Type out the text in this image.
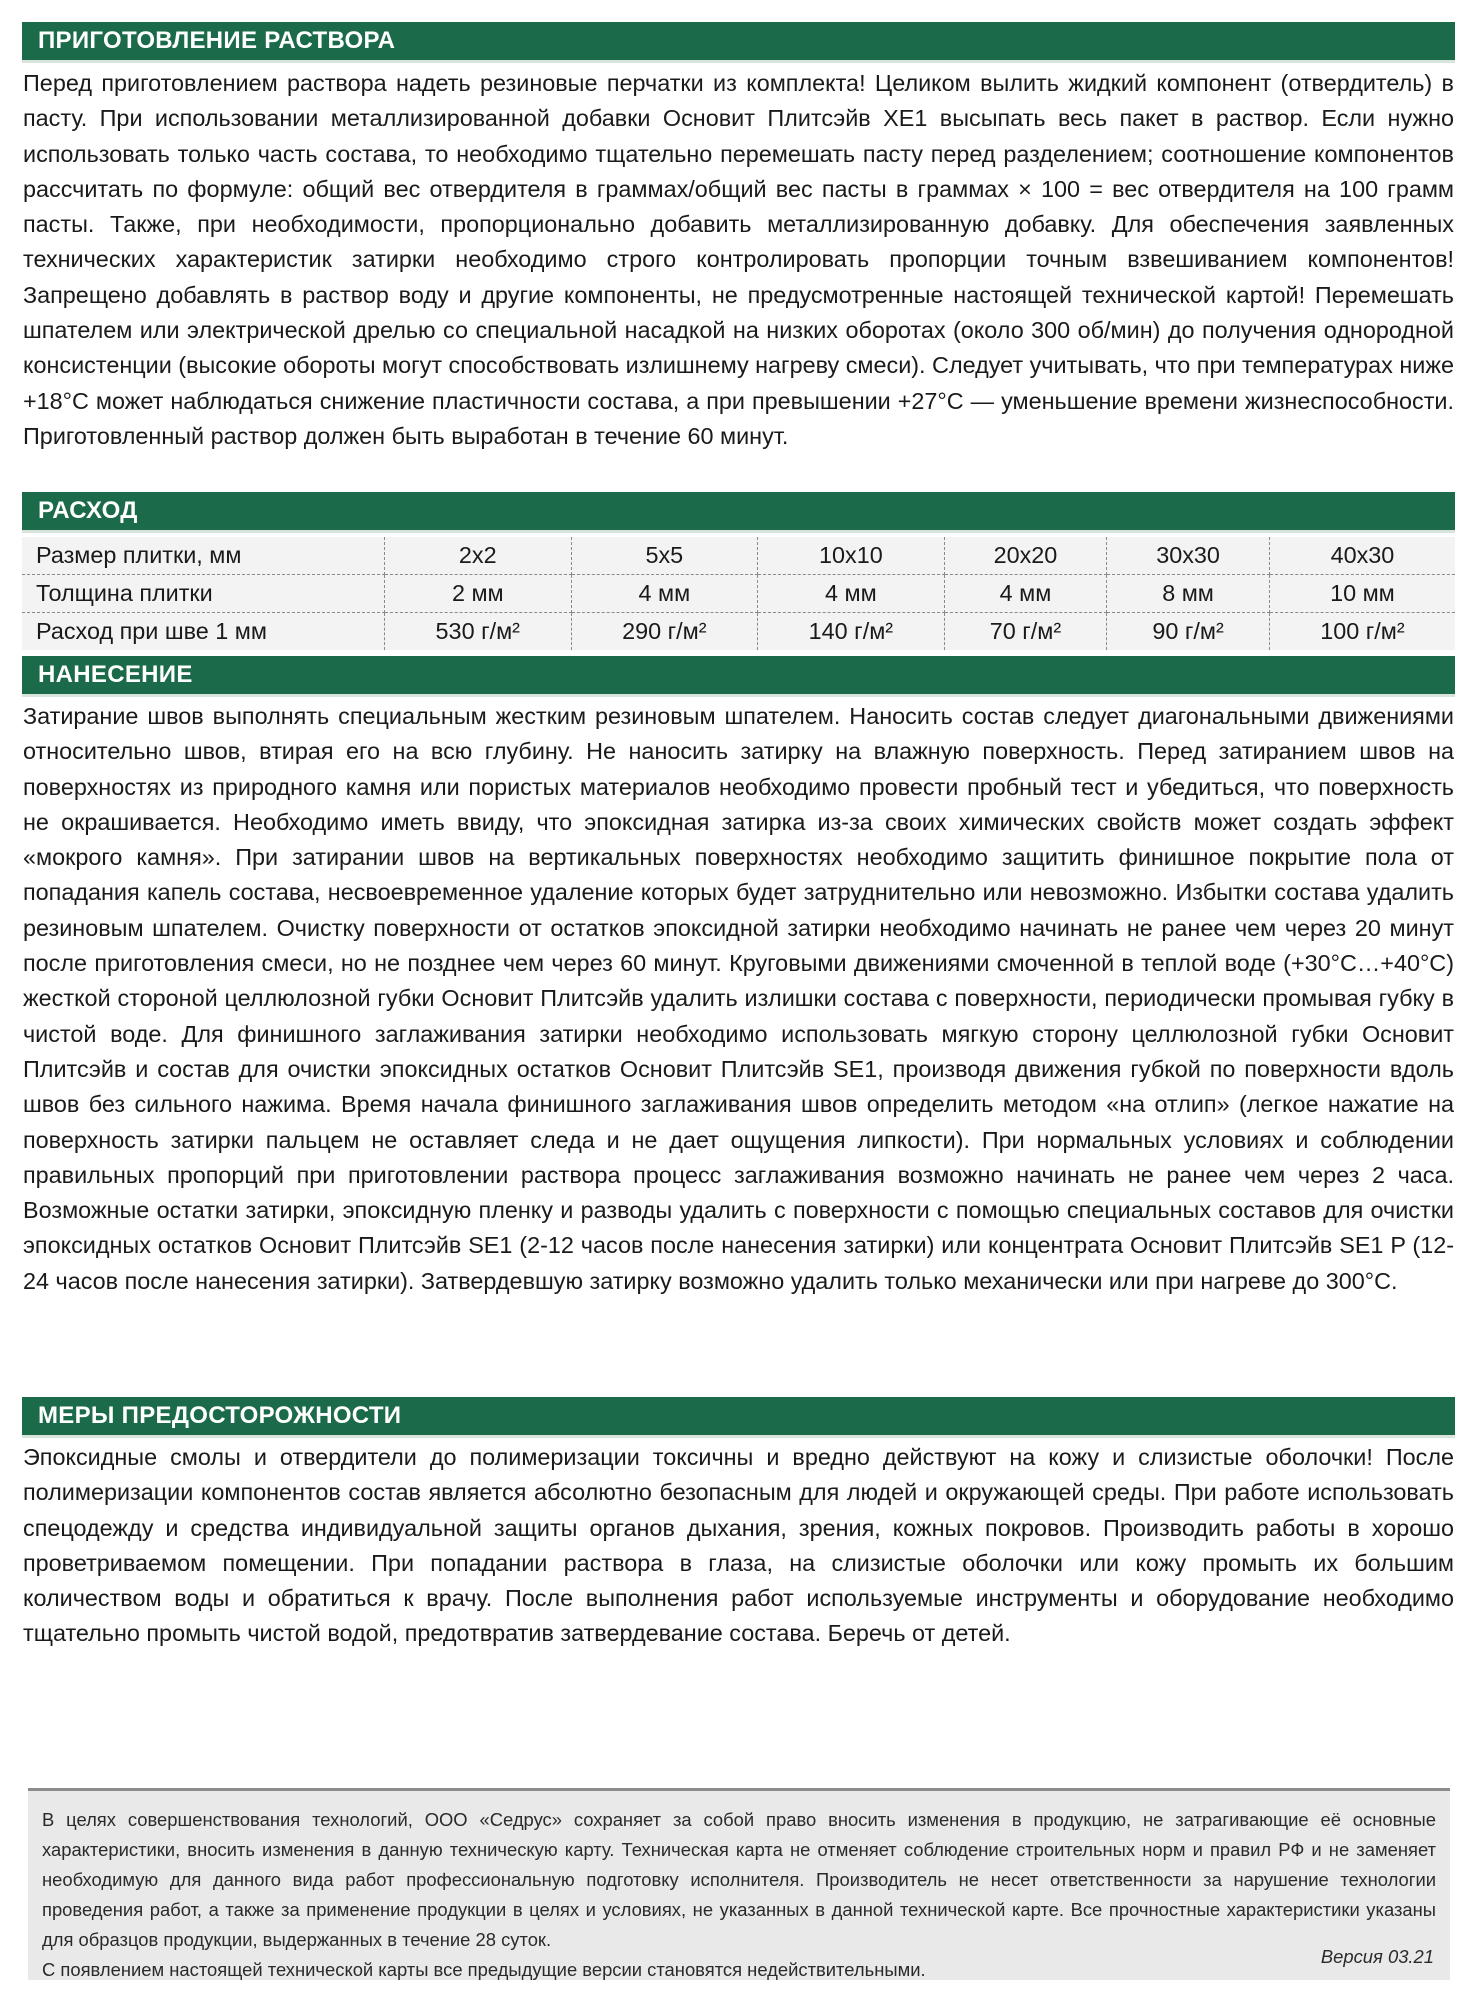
ПРИГОТОВЛЕНИЕ РАСТВОРА

Перед приготовлением раствора надеть резиновые перчатки из комплекта! Целиком вылить жидкий компонент (отвердитель) в пасту. При использовании металлизированной добавки Основит Плитсэйв XE1 высыпать весь пакет в раствор. Если нужно использовать только часть состава, то необходимо тщательно перемешать пасту перед разделением; соотношение компонентов рассчитать по формуле: общий вес отвердителя в граммах/общий вес пасты в граммах × 100 = вес отвердителя на 100 грамм пасты. Также, при необходимости, пропорционально добавить металлизированную добавку. Для обеспечения заявленных технических характеристик затирки необходимо строго контролировать пропорции точным взвешиванием компонентов! Запрещено добавлять в раствор воду и другие компоненты, не предусмотренные настоящей технической картой! Перемешать шпателем или электрической дрелью со специальной насадкой на низких оборотах (около 300 об/мин) до получения однородной консистенции (высокие обороты могут способствовать излишнему нагреву смеси). Следует учитывать, что при температурах ниже +18°С может наблюдаться снижение пластичности состава, а при превышении +27°С — уменьшение времени жизнеспособности. Приготовленный раствор должен быть выработан в течение 60 минут.

РАСХОД
Размер плитки, мм	2х2	5х5	10х10	20х20	30х30	40х30
Толщина плитки	2 мм	4 мм	4 мм	4 мм	8 мм	10 мм
Расход при шве 1 мм	530 г/м²	290 г/м²	140 г/м²	70 г/м²	90 г/м²	100 г/м²
НАНЕСЕНИЕ

Затирание швов выполнять специальным жестким резиновым шпателем. Наносить состав следует диагональными движениями относительно швов, втирая его на всю глубину. Не наносить затирку на влажную поверхность. Перед затиранием швов на поверхностях из природного камня или пористых материалов необходимо провести пробный тест и убедиться, что поверхность не окрашивается. Необходимо иметь ввиду, что эпоксидная затирка из-за своих химических свойств может создать эффект «мокрого камня». При затирании швов на вертикальных поверхностях необходимо защитить финишное покрытие пола от попадания капель состава, несвоевременное удаление которых будет затруднительно или невозможно. Избытки состава удалить резиновым шпателем. Очистку поверхности от остатков эпоксидной затирки необходимо начинать не ранее чем через 20 минут после приготовления смеси, но не позднее чем через 60 минут. Круговыми движениями смоченной в теплой воде (+30°С…+40°С) жесткой стороной целлюлозной губки Основит Плитсэйв удалить излишки состава с поверхности, периодически промывая губку в чистой воде. Для финишного заглаживания затирки необходимо использовать мягкую сторону целлюлозной губки Основит Плитсэйв и состав для очистки эпоксидных остатков Основит Плитсэйв SE1, производя движения губкой по поверхности вдоль швов без сильного нажима. Время начала финишного заглаживания швов определить методом «на отлип» (легкое нажатие на поверхность затирки пальцем не оставляет следа и не дает ощущения липкости). При нормальных условиях и соблюдении правильных пропорций при приготовлении раствора процесс заглаживания возможно начинать не ранее чем через 2 часа. Возможные остатки затирки, эпоксидную пленку и разводы удалить с поверхности с помощью специальных составов для очистки эпоксидных остатков Основит Плитсэйв SE1 (2-12 часов после нанесения затирки) или концентрата Основит Плитсэйв SE1 P (12-24 часов после нанесения затирки). Затвердевшую затирку возможно удалить только механически или при нагреве до 300°С.

МЕРЫ ПРЕДОСТОРОЖНОСТИ

Эпоксидные смолы и отвердители до полимеризации токсичны и вредно действуют на кожу и слизистые оболочки! После полимеризации компонентов состав является абсолютно безопасным для людей и окружающей среды. При работе использовать спецодежду и средства индивидуальной защиты органов дыхания, зрения, кожных покровов. Производить работы в хорошо проветриваемом помещении. При попадании раствора в глаза, на слизистые оболочки или кожу промыть их большим количеством воды и обратиться к врачу. После выполнения работ используемые инструменты и оборудование необходимо тщательно промыть чистой водой, предотвратив затвердевание состава. Беречь от детей.

В целях совершенствования технологий, ООО «Седрус» сохраняет за собой право вносить изменения в продукцию, не затрагивающие её основные характеристики, вносить изменения в данную техническую карту. Техническая карта не отменяет соблюдение строительных норм и правил РФ и не заменяет необходимую для данного вида работ профессиональную подготовку исполнителя. Производитель не несет ответственности за нарушение технологии проведения работ, а также за применение продукции в целях и условиях, не указанных в данной технической карте. Все прочностные характеристики указаны для образцов продукции, выдержанных в течение 28 суток.
С появлением настоящей технической карты все предыдущие версии становятся недействительными.
Версия 03.21
